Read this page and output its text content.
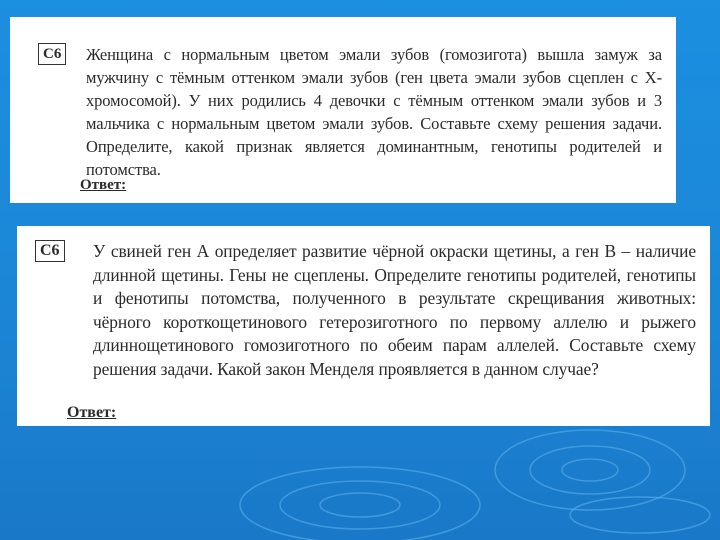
С6	Женщина с нормальным цветом эмали зубов (гомозигота) вышла замуж за мужчину с тёмным оттенком эмали зубов (ген цвета эмали зубов сцеплен с Х-хромосомой). У них родились 4 девочки с тёмным оттенком эмали зубов и 3 мальчика с нормальным цветом эмали зубов. Составьте схему решения задачи. Определите, какой признак является доминантным, генотипы родителей и потомства.

Ответ:
С6 У свиней ген А определяет развитие чёрной окраски щетины, а ген В – наличие длинной щетины. Гены не сцеплены. Определите генотипы родителей, генотипы и фенотипы потомства, полученного в результате скрещивания животных: чёрного короткощетинового гетерозиготного по первому аллелю и рыжего длиннощетинового гомозиготного по обеим парам аллелей. Составьте схему решения задачи. Какой закон Менделя проявляется в данном случае?

Ответ:
